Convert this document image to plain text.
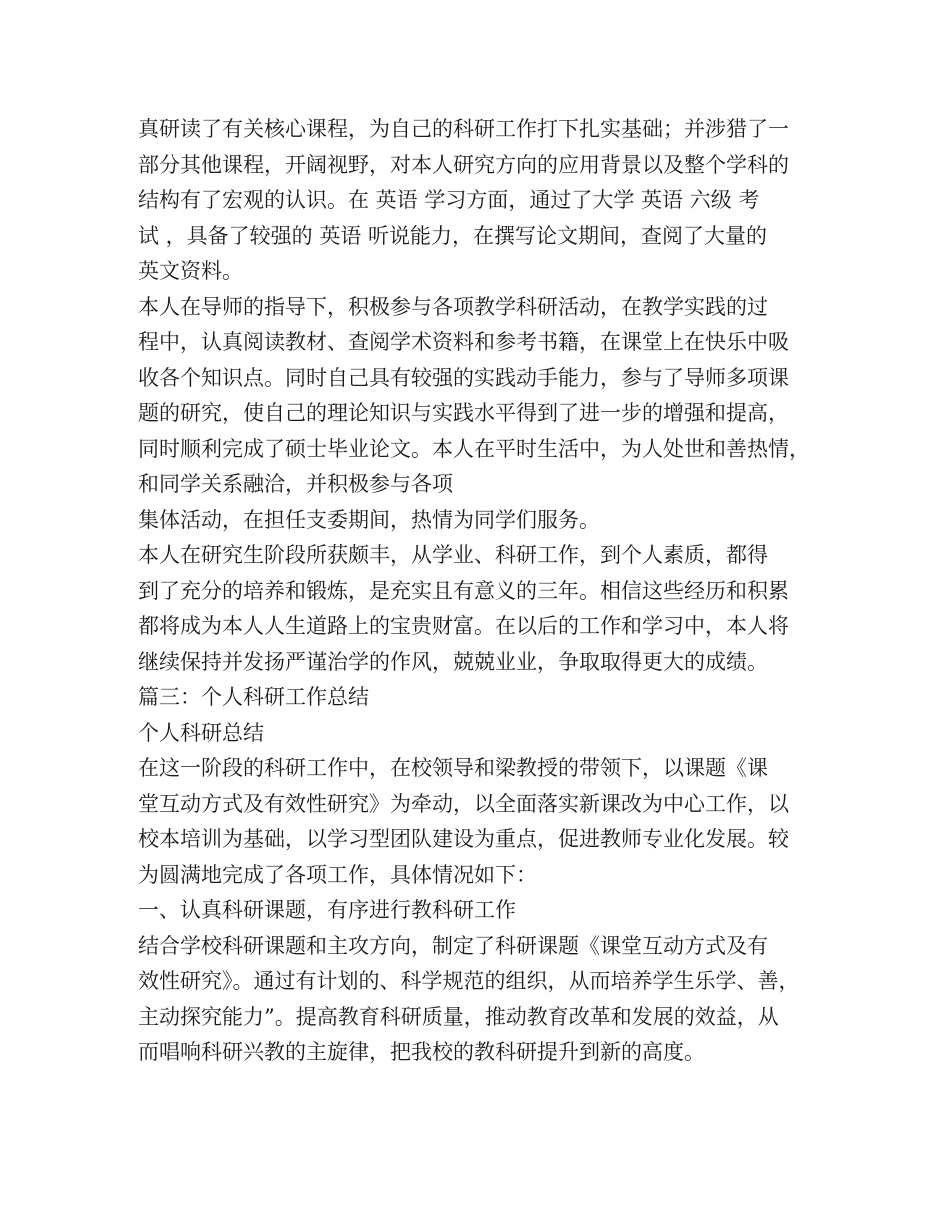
真研读了有关核心课程，为自己的科研工作打下扎实基础；并涉猎了一
部分其他课程，开阔视野，对本人研究方向的应用背景以及整个学科的
结构有了宏观的认识。在 英语 学习方面，通过了大学 英语 六级 考
试 ，具备了较强的 英语 听说能力，在撰写论文期间，查阅了大量的
英文资料。
本人在导师的指导下，积极参与各项教学科研活动，在教学实践的过
程中，认真阅读教材、查阅学术资料和参考书籍，在课堂上在快乐中吸
收各个知识点。同时自己具有较强的实践动手能力，参与了导师多项课
题的研究，使自己的理论知识与实践水平得到了进一步的增强和提高，
同时顺利完成了硕士毕业论文。本人在平时生活中，为人处世和善热情，
和同学关系融洽，并积极参与各项
集体活动，在担任支委期间，热情为同学们服务。
本人在研究生阶段所获颇丰，从学业、科研工作，到个人素质，都得
到了充分的培养和锻炼，是充实且有意义的三年。相信这些经历和积累
都将成为本人人生道路上的宝贵财富。在以后的工作和学习中，本人将
继续保持并发扬严谨治学的作风，兢兢业业，争取取得更大的成绩。
篇三：个人科研工作总结
个人科研总结
在这一阶段的科研工作中，在校领导和梁教授的带领下，以课题《课
堂互动方式及有效性研究》为牵动，以全面落实新课改为中心工作，以
校本培训为基础，以学习型团队建设为重点，促进教师专业化发展。较
为圆满地完成了各项工作，具体情况如下：
一、认真科研课题，有序进行教科研工作
结合学校科研课题和主攻方向，制定了科研课题《课堂互动方式及有
效性研究》。通过有计划的、科学规范的组织，从而培养学生乐学、善，
主动探究能力”。提高教育科研质量，推动教育改革和发展的效益，从
而唱响科研兴教的主旋律，把我校的教科研提升到新的高度。
